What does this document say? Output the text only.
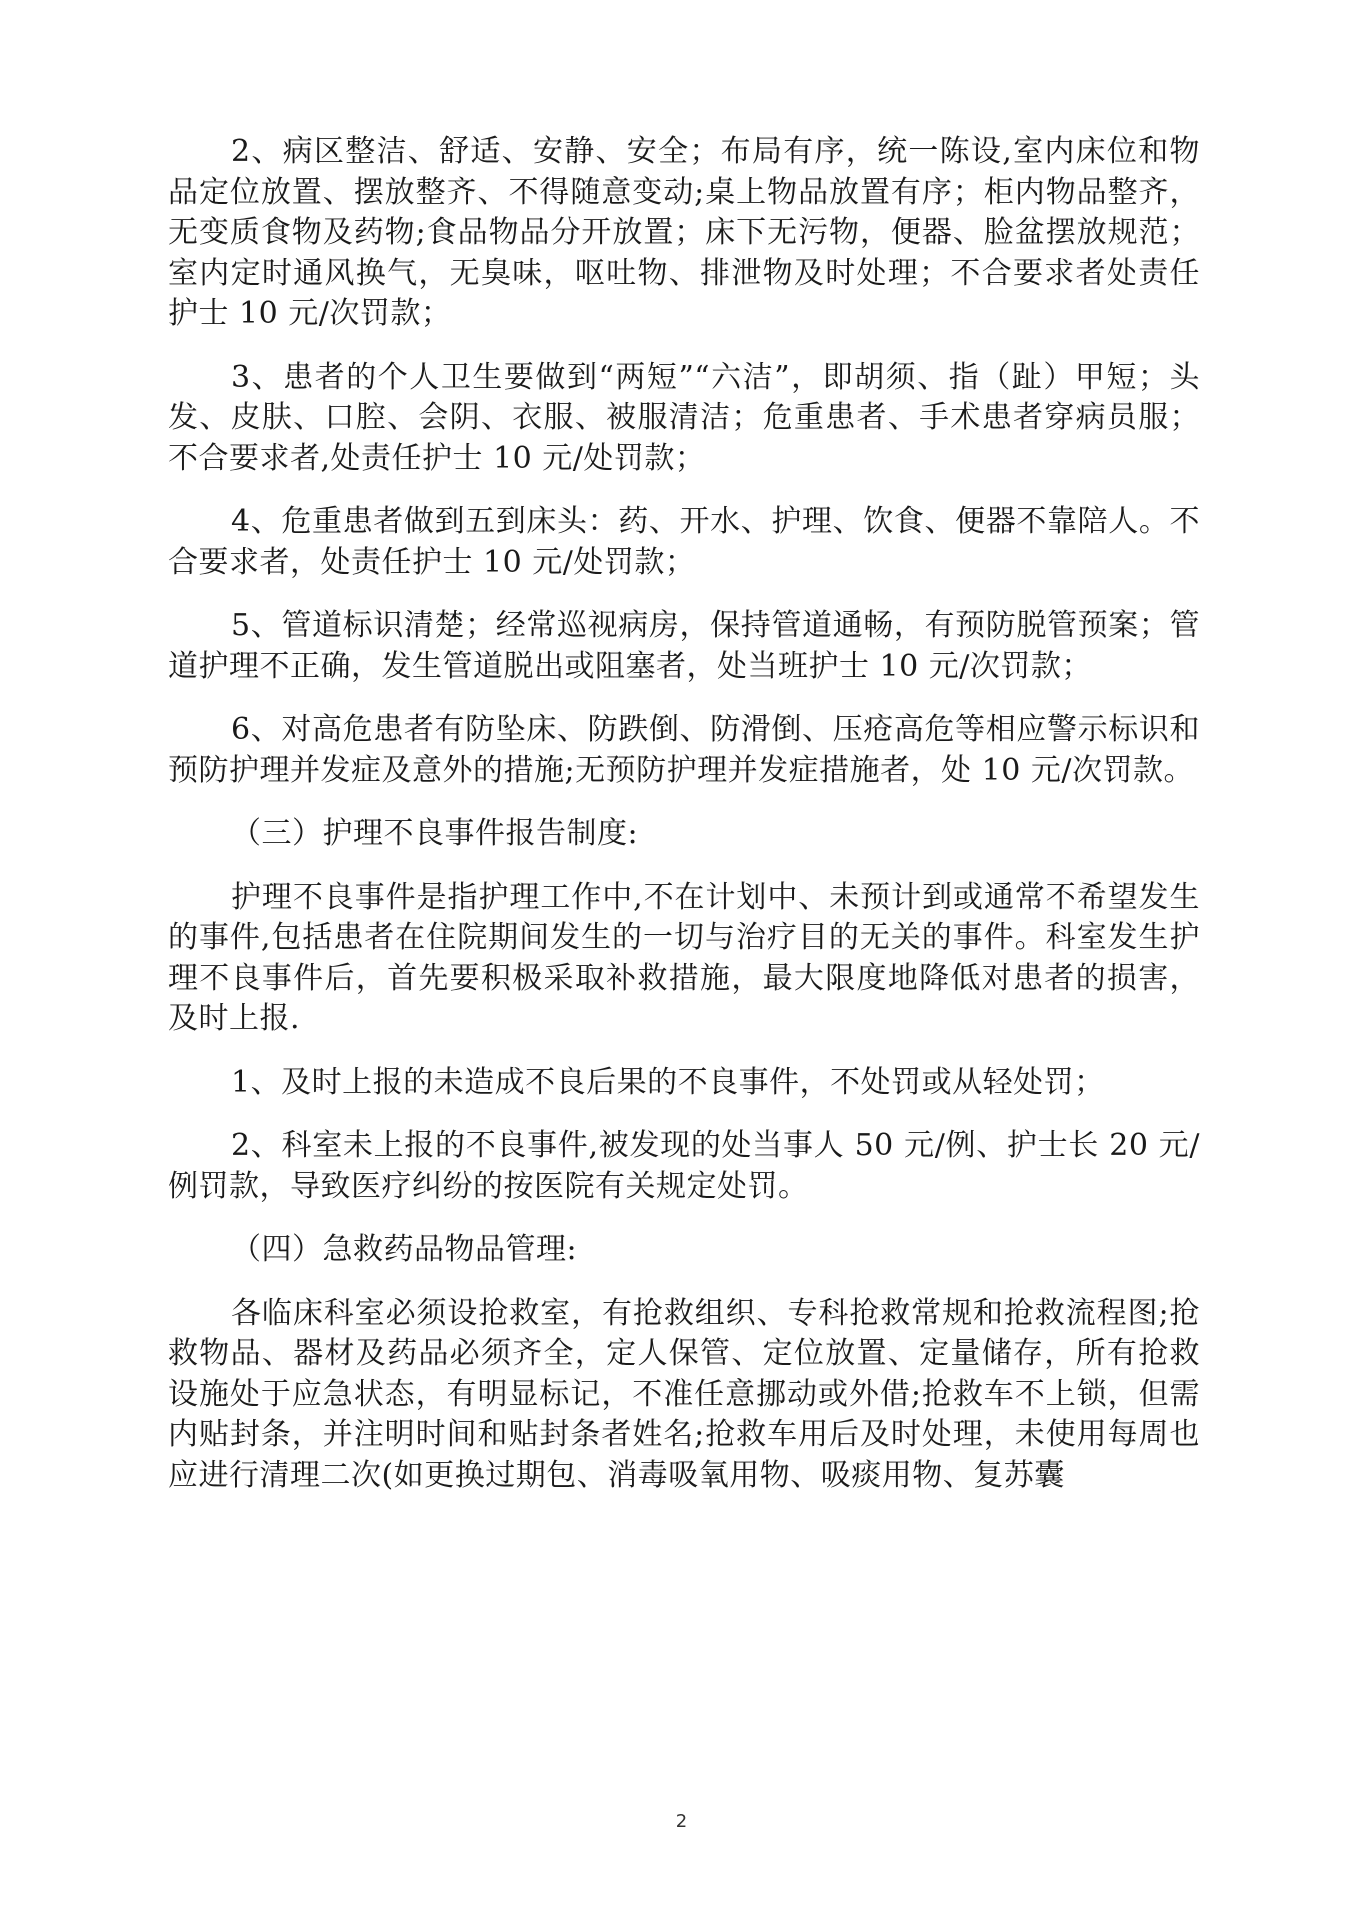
2、病区整洁、舒适、安静、安全；布局有序，统一陈设,室内床位和物品定位放置、摆放整齐、不得随意变动;桌上物品放置有序；柜内物品整齐，无变质食物及药物;食品物品分开放置；床下无污物，便器、脸盆摆放规范；室内定时通风换气，无臭味，呕吐物、排泄物及时处理；不合要求者处责任护士 10 元/次罚款；

3、患者的个人卫生要做到“两短”“六洁”，即胡须、指（趾）甲短；头发、皮肤、口腔、会阴、衣服、被服清洁；危重患者、手术患者穿病员服；不合要求者,处责任护士 10 元/处罚款；

4、危重患者做到五到床头：药、开水、护理、饮食、便器不靠陪人。不合要求者，处责任护士 10 元/处罚款；

5、管道标识清楚；经常巡视病房，保持管道通畅，有预防脱管预案；管道护理不正确，发生管道脱出或阻塞者，处当班护士 10 元/次罚款；

6、对高危患者有防坠床、防跌倒、防滑倒、压疮高危等相应警示标识和预防护理并发症及意外的措施;无预防护理并发症措施者，处 10 元/次罚款。

（三）护理不良事件报告制度:

护理不良事件是指护理工作中,不在计划中、未预计到或通常不希望发生的事件,包括患者在住院期间发生的一切与治疗目的无关的事件。科室发生护理不良事件后，首先要积极采取补救措施，最大限度地降低对患者的损害，及时上报.

1、及时上报的未造成不良后果的不良事件，不处罚或从轻处罚；

2、科室未上报的不良事件,被发现的处当事人 50 元/例、护士长 20 元/例罚款，导致医疗纠纷的按医院有关规定处罚。

（四）急救药品物品管理:

各临床科室必须设抢救室，有抢救组织、专科抢救常规和抢救流程图;抢救物品、器材及药品必须齐全，定人保管、定位放置、定量储存，所有抢救设施处于应急状态，有明显标记，不准任意挪动或外借;抢救车不上锁，但需内贴封条，并注明时间和贴封条者姓名;抢救车用后及时处理，未使用每周也应进行清理二次(如更换过期包、消毒吸氧用物、吸痰用物、复苏囊

2
